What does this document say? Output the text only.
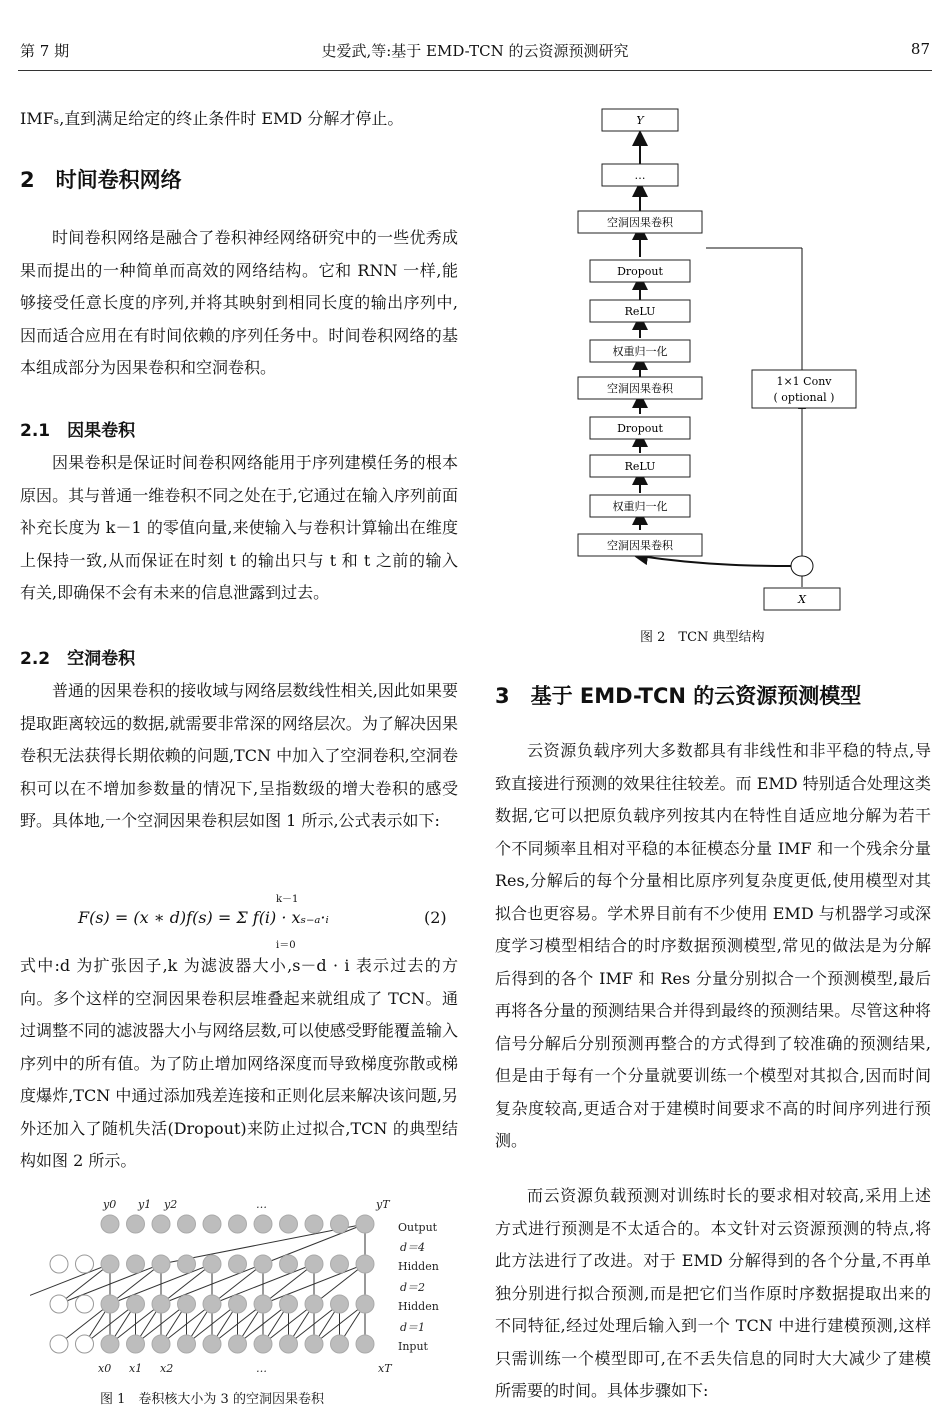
第 7 期	史爱武,等:基于 EMD-TCN 的云资源预测研究	87
IMFₛ,直到满足给定的终止条件时 EMD 分解才停止。
2　时间卷积网络
时间卷积网络是融合了卷积神经网络研究中的一些优秀成果而提出的一种简单而高效的网络结构。它和 RNN 一样,能够接受任意长度的序列,并将其映射到相同长度的输出序列中,因而适合应用在有时间依赖的序列任务中。时间卷积网络的基本组成部分为因果卷积和空洞卷积。
2.1　因果卷积
因果卷积是保证时间卷积网络能用于序列建模任务的根本原因。其与普通一维卷积不同之处在于,它通过在输入序列前面补充长度为 k－1 的零值向量,来使输入与卷积计算输出在维度上保持一致,从而保证在时刻 t 的输出只与 t 和 t 之前的输入有关,即确保不会有未来的信息泄露到过去。
2.2　空洞卷积
普通的因果卷积的接收域与网络层数线性相关,因此如果要提取距离较远的数据,就需要非常深的网络层次。为了解决因果卷积无法获得长期依赖的问题,TCN 中加入了空洞卷积,空洞卷积可以在不增加参数量的情况下,呈指数级的增大卷积的感受野。具体地,一个空洞因果卷积层如图 1 所示,公式表示如下:
F(s) = (x ∗ d)f(s) = Σ f(i) · xₛ₋ₐ·ᵢ
k－1
i＝0
(2)
式中:d 为扩张因子,k 为滤波器大小,s－d · i 表示过去的方向。多个这样的空洞因果卷积层堆叠起来就组成了 TCN。通过调整不同的滤波器大小与网络层数,可以使感受野能覆盖输入序列中的所有值。为了防止增加网络深度而导致梯度弥散或梯度爆炸,TCN 中通过添加残差连接和正则化层来解决该问题,另外还加入了随机失活(Dropout)来防止过拟合,TCN 的典型结构如图 2 所示。
y0 y1 y2	…	yT
x0 x1 x2	…	xT
Output
d＝4
Hidden
d＝2
Hidden
d＝1
Input
图 1　卷积核大小为 3 的空洞因果卷积
Y
…
空洞因果卷积
Dropout
ReLU
权重归一化
空洞因果卷积
Dropout
ReLU
权重归一化
空洞因果卷积
1×1 Conv
( optional )
X
图 2　TCN 典型结构
3　基于 EMD-TCN 的云资源预测模型
云资源负载序列大多数都具有非线性和非平稳的特点,导致直接进行预测的效果往往较差。而 EMD 特别适合处理这类数据,它可以把原负载序列按其内在特性自适应地分解为若干个不同频率且相对平稳的本征模态分量 IMF 和一个残余分量 Res,分解后的每个分量相比原序列复杂度更低,使用模型对其拟合也更容易。学术界目前有不少使用 EMD 与机器学习或深度学习模型相结合的时序数据预测模型,常见的做法是为分解后得到的各个 IMF 和 Res 分量分别拟合一个预测模型,最后再将各分量的预测结果合并得到最终的预测结果。尽管这种将信号分解后分别预测再整合的方式得到了较准确的预测结果,但是由于每有一个分量就要训练一个模型对其拟合,因而时间复杂度较高,更适合对于建模时间要求不高的时间序列进行预测。
而云资源负载预测对训练时长的要求相对较高,采用上述方式进行预测是不太适合的。本文针对云资源预测的特点,将此方法进行了改进。对于 EMD 分解得到的各个分量,不再单独分别进行拟合预测,而是把它们当作原时序数据提取出来的不同特征,经过处理后输入到一个 TCN 中进行建模预测,这样只需训练一个模型即可,在不丢失信息的同时大大减少了建模所需要的时间。具体步骤如下:
